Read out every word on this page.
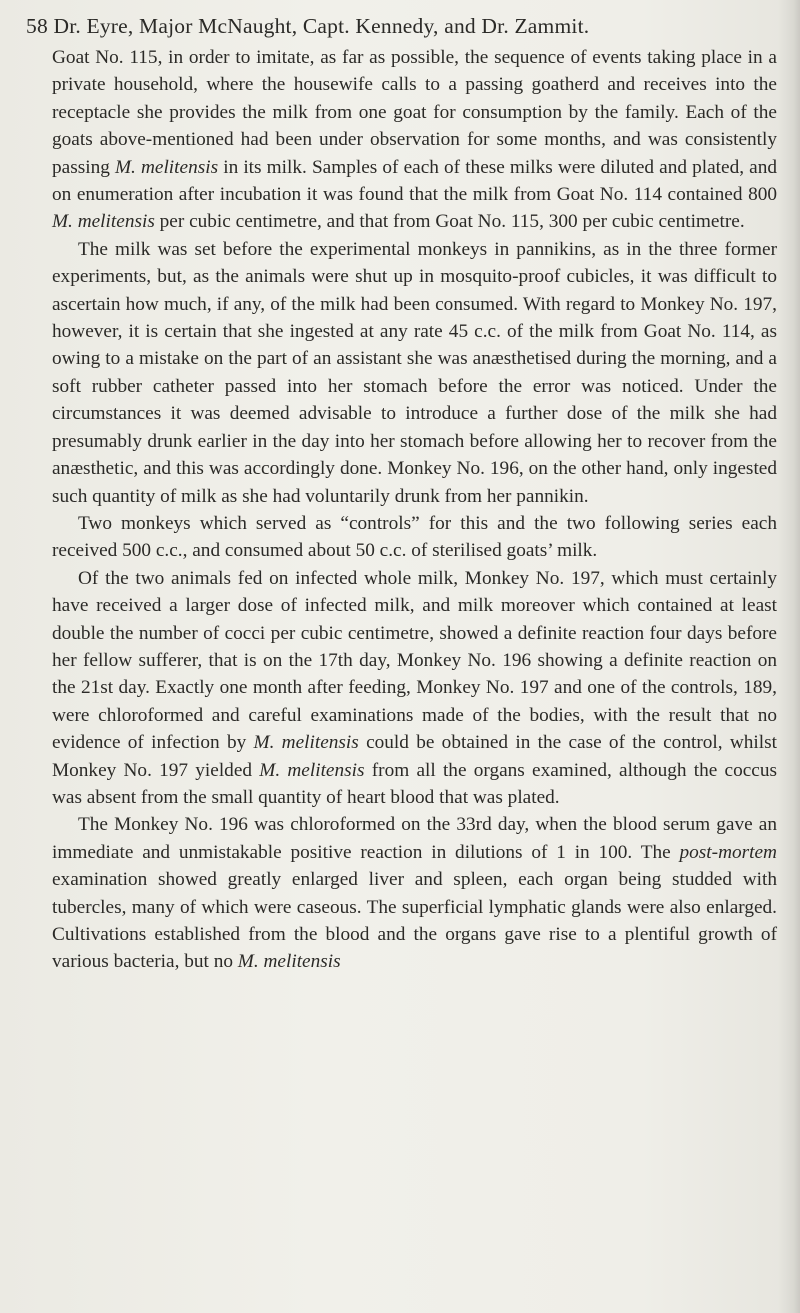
58 Dr. Eyre, Major McNaught, Capt. Kennedy, and Dr. Zammit.

Goat No. 115, in order to imitate, as far as possible, the sequence of events taking place in a private household, where the housewife calls to a passing goatherd and receives into the receptacle she provides the milk from one goat for consumption by the family. Each of the goats above-mentioned had been under observation for some months, and was consistently passing M. melitensis in its milk. Samples of each of these milks were diluted and plated, and on enumeration after incubation it was found that the milk from Goat No. 114 contained 800 M. melitensis per cubic centimetre, and that from Goat No. 115, 300 per cubic centimetre.

The milk was set before the experimental monkeys in pannikins, as in the three former experiments, but, as the animals were shut up in mosquito-proof cubicles, it was difficult to ascertain how much, if any, of the milk had been consumed. With regard to Monkey No. 197, however, it is certain that she ingested at any rate 45 c.c. of the milk from Goat No. 114, as owing to a mistake on the part of an assistant she was anæsthetised during the morning, and a soft rubber catheter passed into her stomach before the error was noticed. Under the circumstances it was deemed advisable to introduce a further dose of the milk she had presumably drunk earlier in the day into her stomach before allowing her to recover from the anæsthetic, and this was accordingly done. Monkey No. 196, on the other hand, only ingested such quantity of milk as she had voluntarily drunk from her pannikin.

Two monkeys which served as “controls” for this and the two following series each received 500 c.c., and consumed about 50 c.c. of sterilised goats’ milk.

Of the two animals fed on infected whole milk, Monkey No. 197, which must certainly have received a larger dose of infected milk, and milk moreover which contained at least double the number of cocci per cubic centimetre, showed a definite reaction four days before her fellow sufferer, that is on the 17th day, Monkey No. 196 showing a definite reaction on the 21st day. Exactly one month after feeding, Monkey No. 197 and one of the controls, 189, were chloroformed and careful examinations made of the bodies, with the result that no evidence of infection by M. melitensis could be obtained in the case of the control, whilst Monkey No. 197 yielded M. melitensis from all the organs examined, although the coccus was absent from the small quantity of heart blood that was plated.

The Monkey No. 196 was chloroformed on the 33rd day, when the blood serum gave an immediate and unmistakable positive reaction in dilutions of 1 in 100. The post-mortem examination showed greatly enlarged liver and spleen, each organ being studded with tubercles, many of which were caseous. The superficial lymphatic glands were also enlarged. Cultivations established from the blood and the organs gave rise to a plentiful growth of various bacteria, but no M. melitensis
